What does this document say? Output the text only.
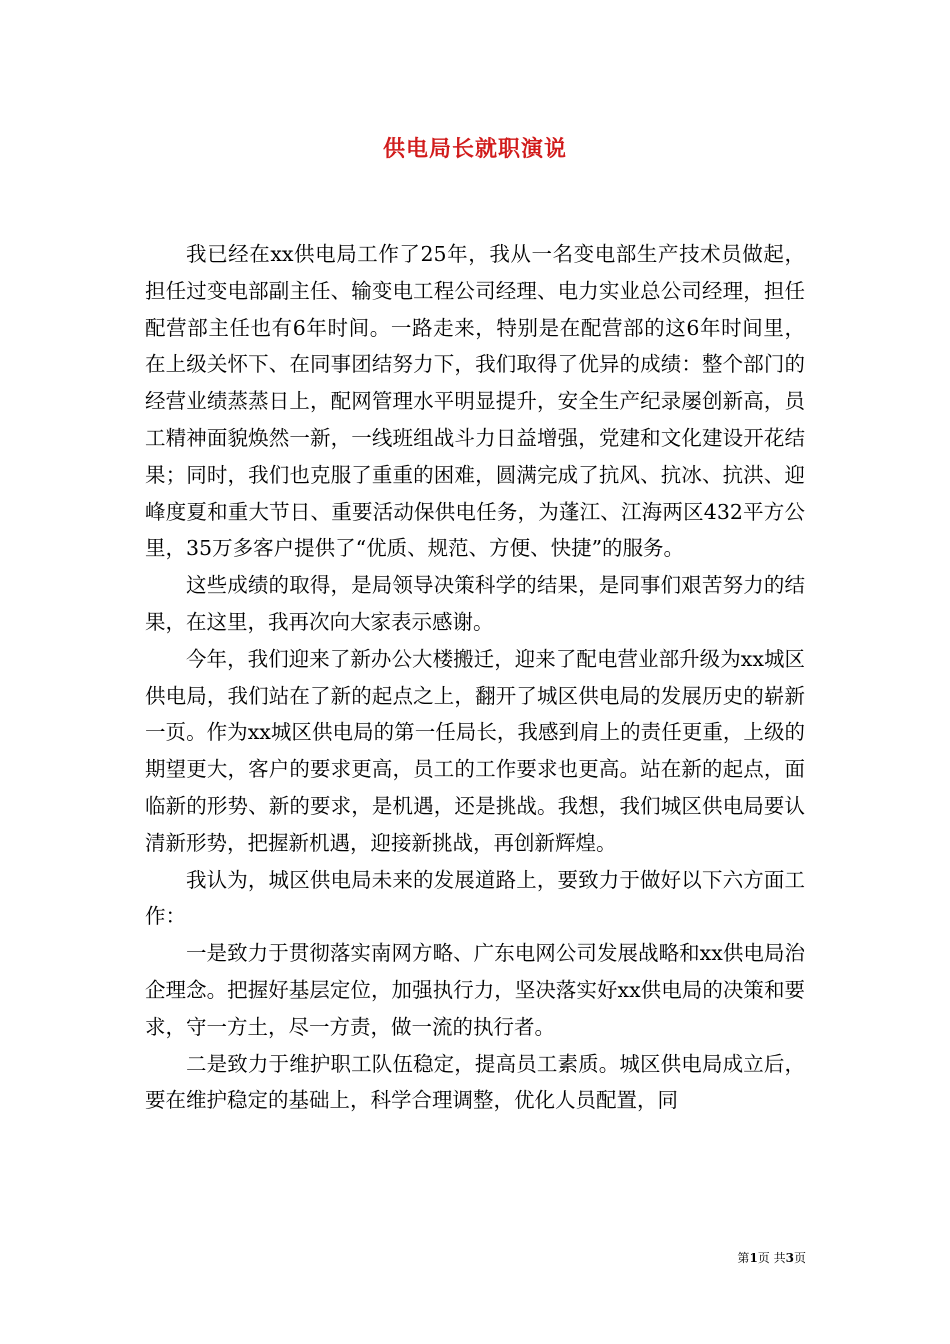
供电局长就职演说

我已经在xx供电局工作了25年，我从一名变电部生产技术员做起，担任过变电部副主任、输变电工程公司经理、电力实业总公司经理，担任配营部主任也有6年时间。一路走来，特别是在配营部的这6年时间里，在上级关怀下、在同事团结努力下，我们取得了优异的成绩：整个部门的经营业绩蒸蒸日上，配网管理水平明显提升，安全生产纪录屡创新高，员工精神面貌焕然一新，一线班组战斗力日益增强，党建和文化建设开花结果；同时，我们也克服了重重的困难，圆满完成了抗风、抗冰、抗洪、迎峰度夏和重大节日、重要活动保供电任务，为蓬江、江海两区432平方公里，35万多客户提供了“优质、规范、方便、快捷”的服务。

这些成绩的取得，是局领导决策科学的结果，是同事们艰苦努力的结果，在这里，我再次向大家表示感谢。

今年，我们迎来了新办公大楼搬迁，迎来了配电营业部升级为xx城区供电局，我们站在了新的起点之上，翻开了城区供电局的发展历史的崭新一页。作为xx城区供电局的第一任局长，我感到肩上的责任更重，上级的期望更大，客户的要求更高，员工的工作要求也更高。站在新的起点，面临新的形势、新的要求，是机遇，还是挑战。我想，我们城区供电局要认清新形势，把握新机遇，迎接新挑战，再创新辉煌。

我认为，城区供电局未来的发展道路上，要致力于做好以下六方面工作：

一是致力于贯彻落实南网方略、广东电网公司发展战略和xx供电局治企理念。把握好基层定位，加强执行力，坚决落实好xx供电局的决策和要求，守一方土，尽一方责，做一流的执行者。

二是致力于维护职工队伍稳定，提高员工素质。城区供电局成立后，要在维护稳定的基础上，科学合理调整，优化人员配置，同

第1页 共3页
